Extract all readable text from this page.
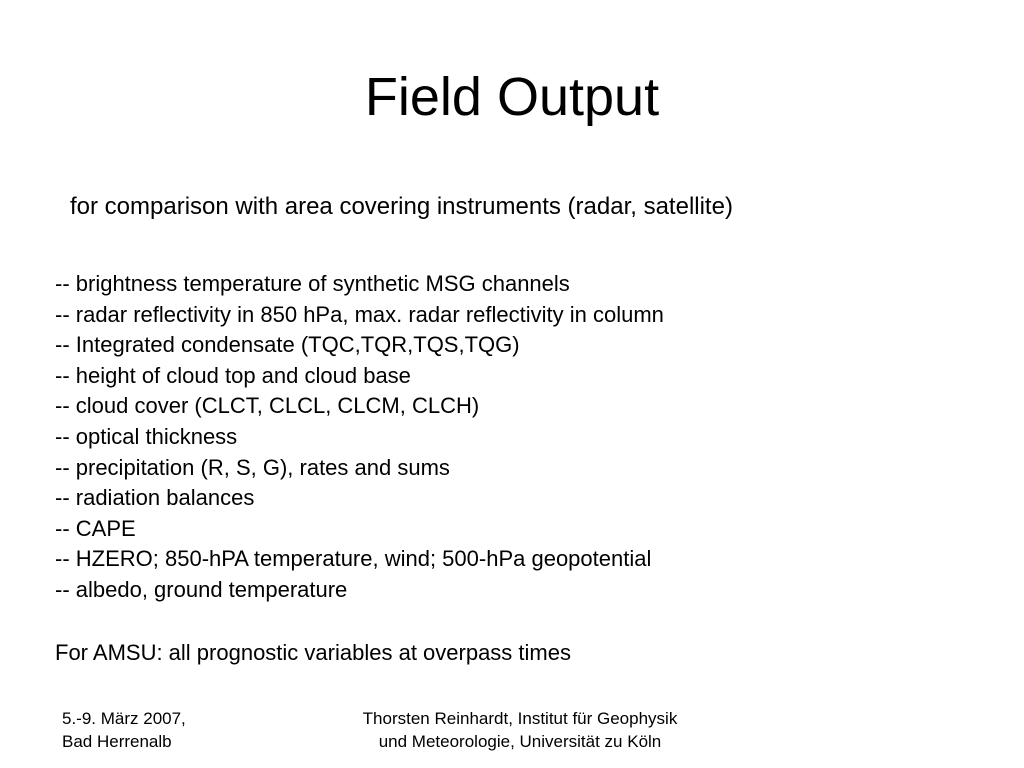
Field Output
for comparison with area covering instruments (radar, satellite)
-- brightness temperature of synthetic MSG channels
-- radar reflectivity in 850 hPa, max. radar reflectivity in column
-- Integrated condensate (TQC,TQR,TQS,TQG)
-- height of cloud top and cloud base
-- cloud cover (CLCT, CLCL, CLCM, CLCH)
-- optical thickness
-- precipitation (R, S, G), rates and sums
-- radiation balances
-- CAPE
-- HZERO; 850-hPA temperature, wind; 500-hPa geopotential
-- albedo, ground temperature
For AMSU: all prognostic variables at overpass times
5.-9. März 2007,
Bad Herrenalb
Thorsten Reinhardt, Institut für Geophysik
und Meteorologie, Universität zu Köln
